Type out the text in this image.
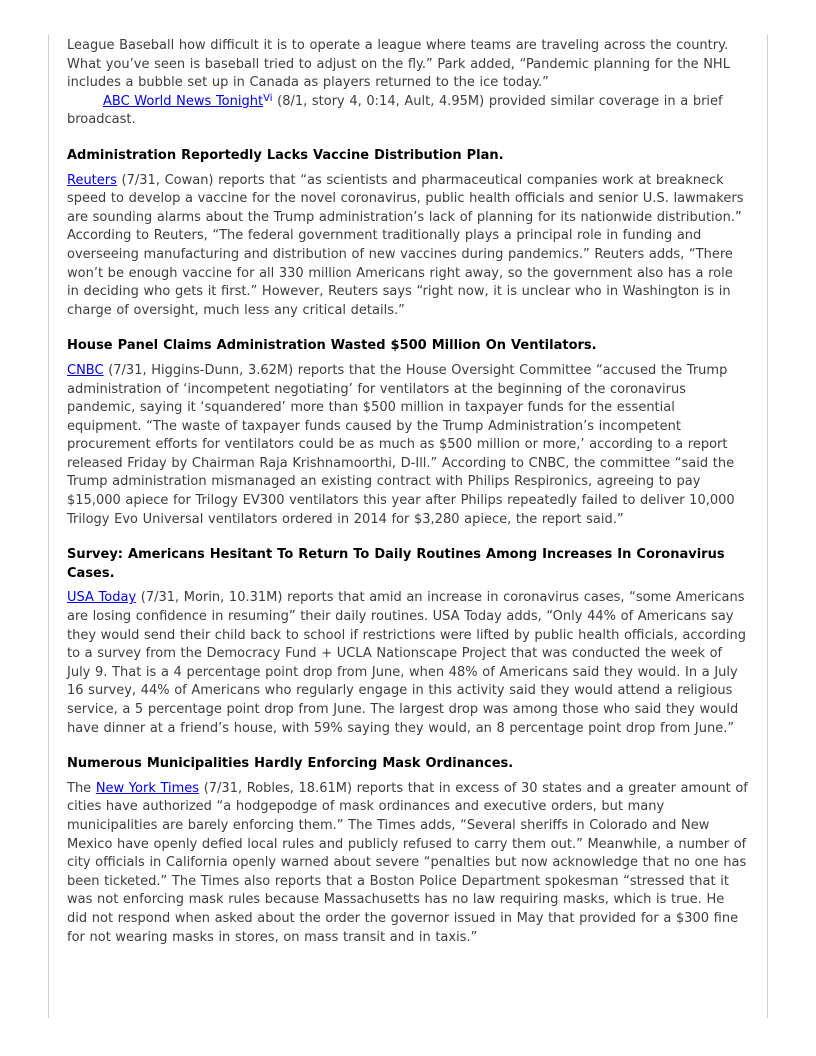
League Baseball how difficult it is to operate a league where teams are traveling across the country. What you’ve seen is baseball tried to adjust on the fly.” Park added, “Pandemic planning for the NHL includes a bubble set up in Canada as players returned to the ice today.”

ABC World News Tonight$^{Vi}$ (8/1, story 4, 0:14, Ault, 4.95M) provided similar coverage in a brief broadcast.

Administration Reportedly Lacks Vaccine Distribution Plan.

Reuters (7/31, Cowan) reports that “as scientists and pharmaceutical companies work at breakneck speed to develop a vaccine for the novel coronavirus, public health officials and senior U.S. lawmakers are sounding alarms about the Trump administration’s lack of planning for its nationwide distribution.” According to Reuters, “The federal government traditionally plays a principal role in funding and overseeing manufacturing and distribution of new vaccines during pandemics.” Reuters adds, “There won’t be enough vaccine for all 330 million Americans right away, so the government also has a role in deciding who gets it first.” However, Reuters says “right now, it is unclear who in Washington is in charge of oversight, much less any critical details.”

House Panel Claims Administration Wasted $500 Million On Ventilators.

CNBC (7/31, Higgins-Dunn, 3.62M) reports that the House Oversight Committee “accused the Trump administration of ‘incompetent negotiating’ for ventilators at the beginning of the coronavirus pandemic, saying it ‘squandered’ more than $500 million in taxpayer funds for the essential equipment. “The waste of taxpayer funds caused by the Trump Administration’s incompetent procurement efforts for ventilators could be as much as $500 million or more,’ according to a report released Friday by Chairman Raja Krishnamoorthi, D-Ill.” According to CNBC, the committee “said the Trump administration mismanaged an existing contract with Philips Respironics, agreeing to pay $15,000 apiece for Trilogy EV300 ventilators this year after Philips repeatedly failed to deliver 10,000 Trilogy Evo Universal ventilators ordered in 2014 for $3,280 apiece, the report said.”

Survey: Americans Hesitant To Return To Daily Routines Among Increases In Coronavirus Cases.

USA Today (7/31, Morin, 10.31M) reports that amid an increase in coronavirus cases, “some Americans are losing confidence in resuming” their daily routines. USA Today adds, “Only 44% of Americans say they would send their child back to school if restrictions were lifted by public health officials, according to a survey from the Democracy Fund + UCLA Nationscape Project that was conducted the week of July 9. That is a 4 percentage point drop from June, when 48% of Americans said they would. In a July 16 survey, 44% of Americans who regularly engage in this activity said they would attend a religious service, a 5 percentage point drop from June. The largest drop was among those who said they would have dinner at a friend’s house, with 59% saying they would, an 8 percentage point drop from June.”

Numerous Municipalities Hardly Enforcing Mask Ordinances.

The New York Times (7/31, Robles, 18.61M) reports that in excess of 30 states and a greater amount of cities have authorized “a hodgepodge of mask ordinances and executive orders, but many municipalities are barely enforcing them.” The Times adds, “Several sheriffs in Colorado and New Mexico have openly defied local rules and publicly refused to carry them out.” Meanwhile, a number of city officials in California openly warned about severe “penalties but now acknowledge that no one has been ticketed.” The Times also reports that a Boston Police Department spokesman “stressed that it was not enforcing mask rules because Massachusetts has no law requiring masks, which is true. He did not respond when asked about the order the governor issued in May that provided for a $300 fine for not wearing masks in stores, on mass transit and in taxis.”
